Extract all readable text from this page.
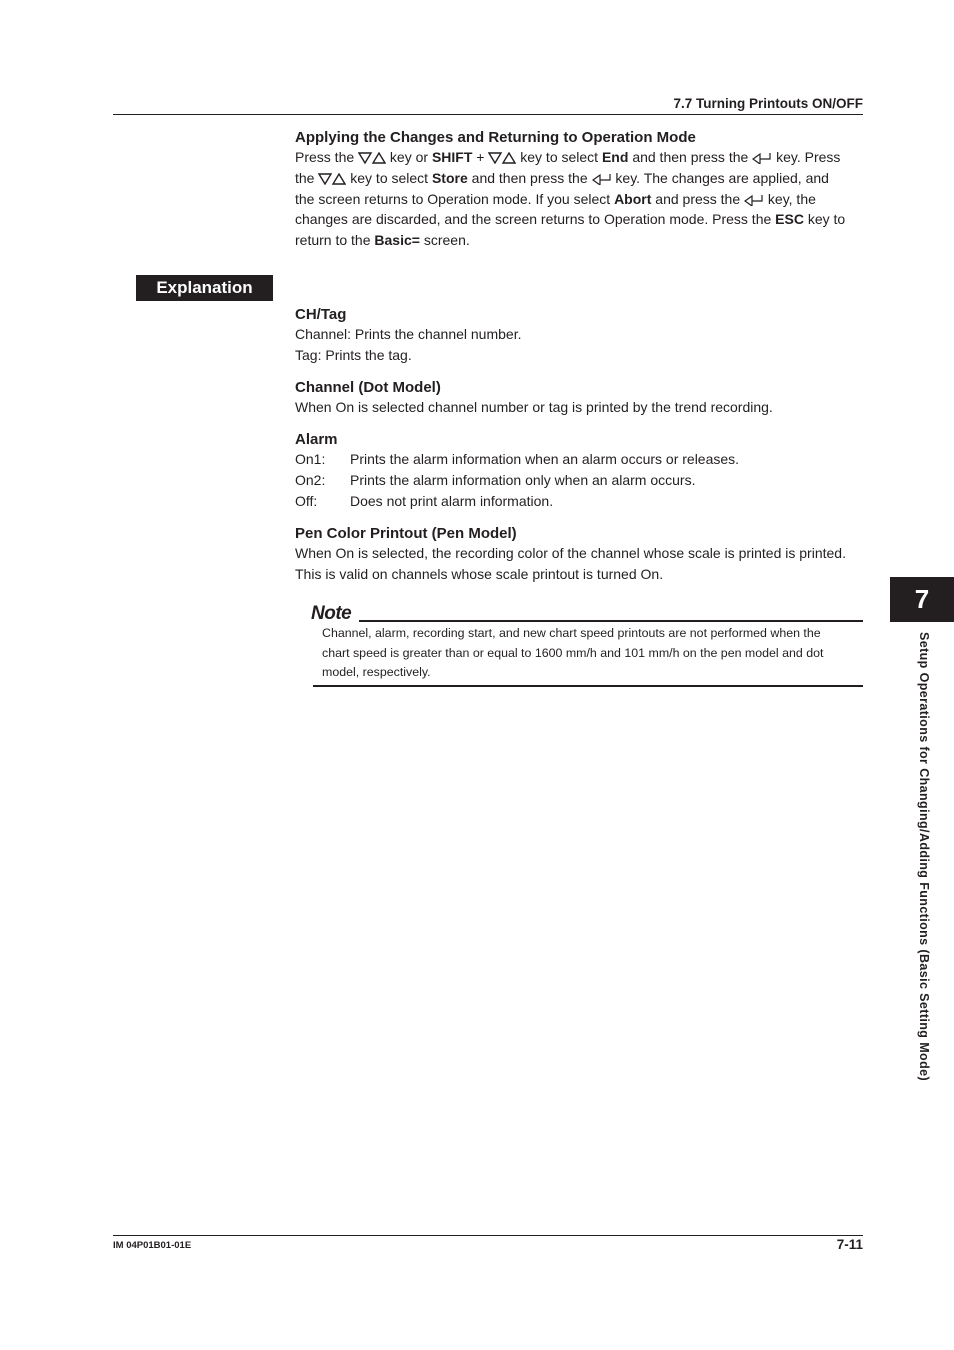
7.7 Turning Printouts ON/OFF
Applying the Changes and Returning to Operation Mode
Press the	key or SHIFT +	key to select End and then press the key. Press
the	key to select Store and then press the key. The changes are applied, and
the screen returns to Operation mode. If you select Abort and press the key, the
changes are discarded, and the screen returns to Operation mode. Press the ESC key to
return to the Basic= screen.
Explanation
CH/Tag
Channel: Prints the channel number.
Tag: Prints the tag.
Channel (Dot Model)
When On is selected channel number or tag is printed by the trend recording.
Alarm
On1:	Prints the alarm information when an alarm occurs or releases.
On2:	Prints the alarm information only when an alarm occurs.
Off:	Does not print alarm information.
Pen Color Printout (Pen Model)
When On is selected, the recording color of the channel whose scale is printed is printed.
This is valid on channels whose scale printout is turned On.
Note
Channel, alarm, recording start, and new chart speed printouts are not performed when the
chart speed is greater than or equal to 1600 mm/h and 101 mm/h on the pen model and dot
model, respectively.
7
Setup Operations for Changing/Adding Functions (Basic Setting Mode)
IM 04P01B01-01E	7-11
